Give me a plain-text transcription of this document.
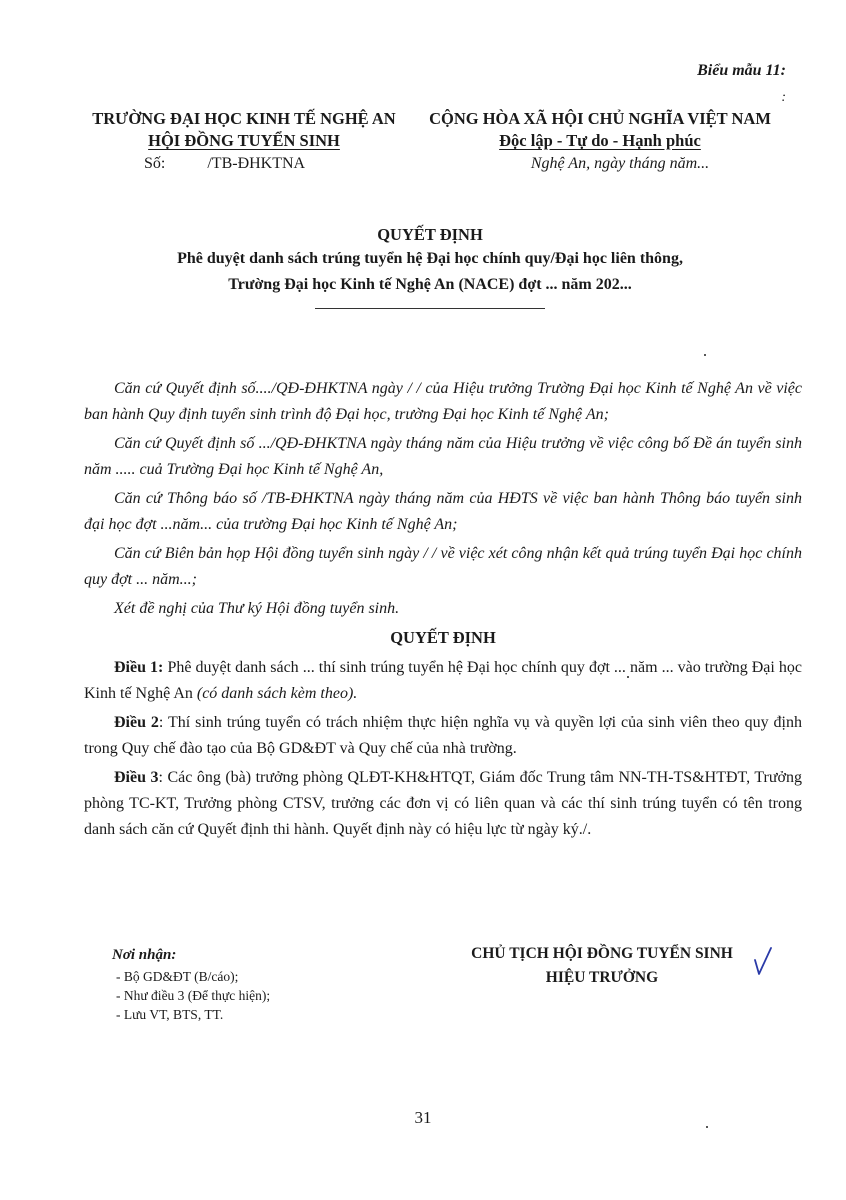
Biểu mẫu 11:
:
TRƯỜNG ĐẠI HỌC KINH TẾ NGHỆ AN
HỘI ĐỒNG TUYỂN SINH
Số:	/TB-ĐHKTNA
CỘNG HÒA XÃ HỘI CHỦ NGHĨA VIỆT NAM
Độc lập - Tự do - Hạnh phúc
Nghệ An, ngày tháng năm...
QUYẾT ĐỊNH
Phê duyệt danh sách trúng tuyển hệ Đại học chính quy/Đại học liên thông,
Trường Đại học Kinh tế Nghệ An (NACE) đợt ... năm 202...

Căn cứ Quyết định số..../QĐ-ĐHKTNA ngày / / của Hiệu trưởng Trường Đại học Kinh tế Nghệ An về việc ban hành Quy định tuyển sinh trình độ Đại học, trường Đại học Kinh tế Nghệ An;

Căn cứ Quyết định số .../QĐ-ĐHKTNA ngày tháng năm của Hiệu trưởng về việc công bố Đề án tuyển sinh năm ..... cuả Trường Đại học Kinh tế Nghệ An,

Căn cứ Thông báo số /TB-ĐHKTNA ngày tháng năm của HĐTS về việc ban hành Thông báo tuyển sinh đại học đợt ...năm... của trường Đại học Kinh tế Nghệ An;

Căn cứ Biên bản họp Hội đồng tuyển sinh ngày / / về việc xét công nhận kết quả trúng tuyển Đại học chính quy đợt ... năm...;

Xét đề nghị của Thư ký Hội đồng tuyển sinh.

QUYẾT ĐỊNH

Điều 1: Phê duyệt danh sách ... thí sinh trúng tuyển hệ Đại học chính quy đợt ... năm ... vào trường Đại học Kinh tế Nghệ An (có danh sách kèm theo).

Điều 2: Thí sinh trúng tuyển có trách nhiệm thực hiện nghĩa vụ và quyền lợi của sinh viên theo quy định trong Quy chế đào tạo của Bộ GD&ĐT và Quy chế của nhà trường.

Điều 3: Các ông (bà) trưởng phòng QLĐT-KH&HTQT, Giám đốc Trung tâm NN-TH-TS&HTĐT, Trưởng phòng TC-KT, Trưởng phòng CTSV, trưởng các đơn vị có liên quan và các thí sinh trúng tuyển có tên trong danh sách căn cứ Quyết định thi hành. Quyết định này có hiệu lực từ ngày ký./.

Nơi nhận:
- Bộ GD&ĐT (B/cáo);
- Như điều 3 (Để thực hiện);
- Lưu VT, BTS, TT.
CHỦ TỊCH HỘI ĐỒNG TUYỂN SINH
HIỆU TRƯỞNG
31
